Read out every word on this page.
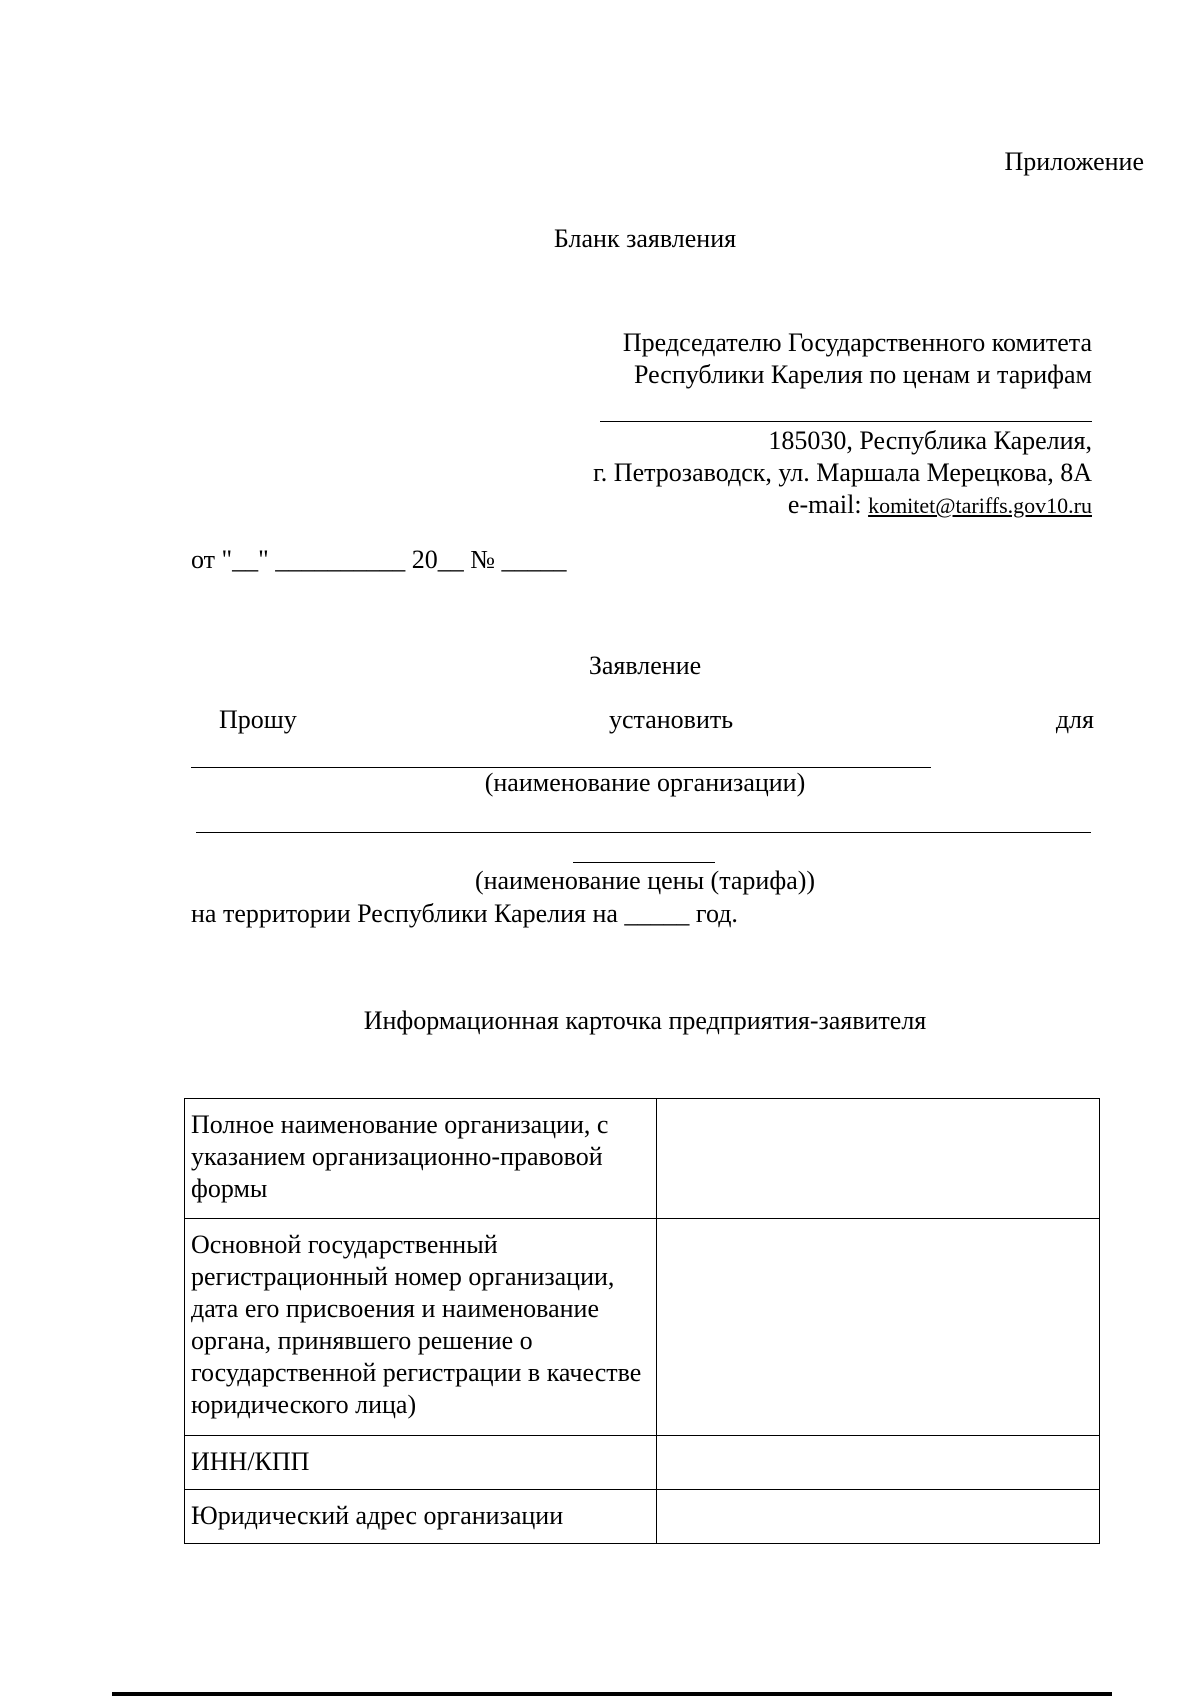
Приложение
Бланк заявления
Председателю Государственного комитета
Республики Карелия по ценам и тарифам
185030, Республика Карелия,
г. Петрозаводск, ул. Маршала Мерецкова, 8А
e-mail: komitet@tariffs.gov10.ru
от "__" __________ 20__ № _____
Заявление
Прошу	установить	для
(наименование организации)
(наименование цены (тарифа))
на территории Республики Карелия на _____ год.
Информационная карточка предприятия-заявителя
Полное наименование организации, с указанием организационно-правовой формы	
Основной государственный регистрационный номер организации, дата его присвоения и наименование органа, принявшего решение о государственной регистрации в качестве юридического лица)	
ИНН/КПП	
Юридический адрес организации	
